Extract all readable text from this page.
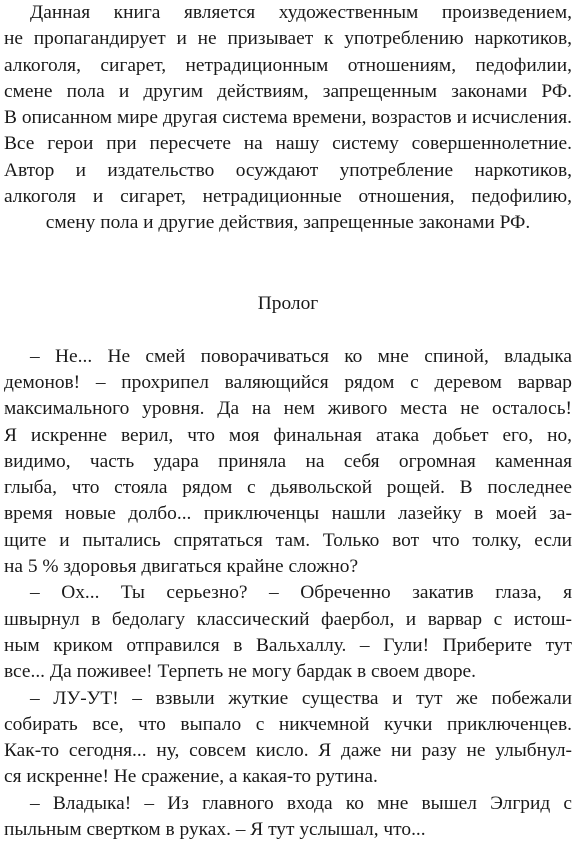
Данная книга является художественным произведением,
не пропагандирует и не призывает к употреблению наркотиков,
алкоголя, сигарет, нетрадиционным отношениям, педофилии,
смене пола и другим действиям, запрещенным законами РФ.
В описанном мире другая система времени, возрастов и исчисления.
Все герои при пересчете на нашу систему совершеннолетние.
Автор и издательство осуждают употребление наркотиков,
алкоголя и сигарет, нетрадиционные отношения, педофилию,
смену пола и другие действия, запрещенные законами РФ.
Пролог
– Не... Не смей поворачиваться ко мне спиной, владыка
демонов! – прохрипел валяющийся рядом с деревом варвар
максимального уровня. Да на нем живого места не осталось!
Я искренне верил, что моя финальная атака добьет его, но,
видимо, часть удара приняла на себя огромная каменная
глыба, что стояла рядом с дьявольской рощей. В последнее
время новые долбо... приключенцы нашли лазейку в моей за-
щите и пытались спрятаться там. Только вот что толку, если
на 5 % здоровья двигаться крайне сложно?
– Ох... Ты серьезно? – Обреченно закатив глаза, я
швырнул в бедолагу классический фаербол, и варвар с истош-
ным криком отправился в Вальхаллу. – Гули! Приберите тут
все... Да поживее! Терпеть не могу бардак в своем дворе.
– ЛУ-УТ! – взвыли жуткие существа и тут же побежали
собирать все, что выпало с никчемной кучки приключенцев.
Как-то сегодня... ну, совсем кисло. Я даже ни разу не улыбнул-
ся искренне! Не сражение, а какая-то рутина.
– Владыка! – Из главного входа ко мне вышел Элгрид с
пыльным свертком в руках. – Я тут услышал, что...
